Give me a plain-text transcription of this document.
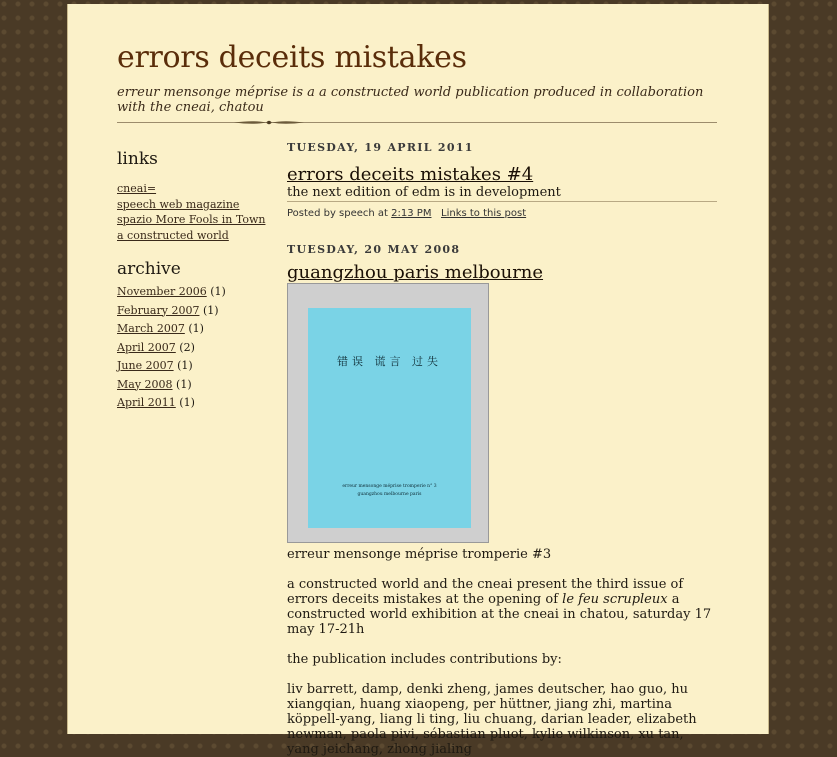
errors deceits mistakes
erreur mensonge méprise is a a constructed world publication produced in collaboration with the cneai, chatou
links
cneai=
speech web magazine
spazio More Fools in Town
a constructed world
archive
November 2006 (1)
February 2007 (1)
March 2007 (1)
April 2007 (2)
June 2007 (1)
May 2008 (1)
April 2011 (1)
TUESDAY, 19 APRIL 2011
errors deceits mistakes #4
the next edition of edm is in development
Posted by speech at 2:13 PM Links to this post
TUESDAY, 20 MAY 2008
guangzhou paris melbourne
错误 谎言 过失
erreur mensonge méprise tromperie n° 3
guangzhou melbourne paris

erreur mensonge méprise tromperie #3

a constructed world and the cneai present the third issue of errors deceits mistakes at the opening of le feu scrupleux a constructed world exhibition at the cneai in chatou, saturday 17 may 17-21h

the publication includes contributions by:

liv barrett, damp, denki zheng, james deutscher, hao guo, hu xiangqian, huang xiaopeng, per hüttner, jiang zhi, martina köppell-yang, liang li ting, liu chuang, darian leader, elizabeth newman, paola pivi, sébastian pluot, kylie wilkinson, xu tan, yang jeichang, zhong jialing
